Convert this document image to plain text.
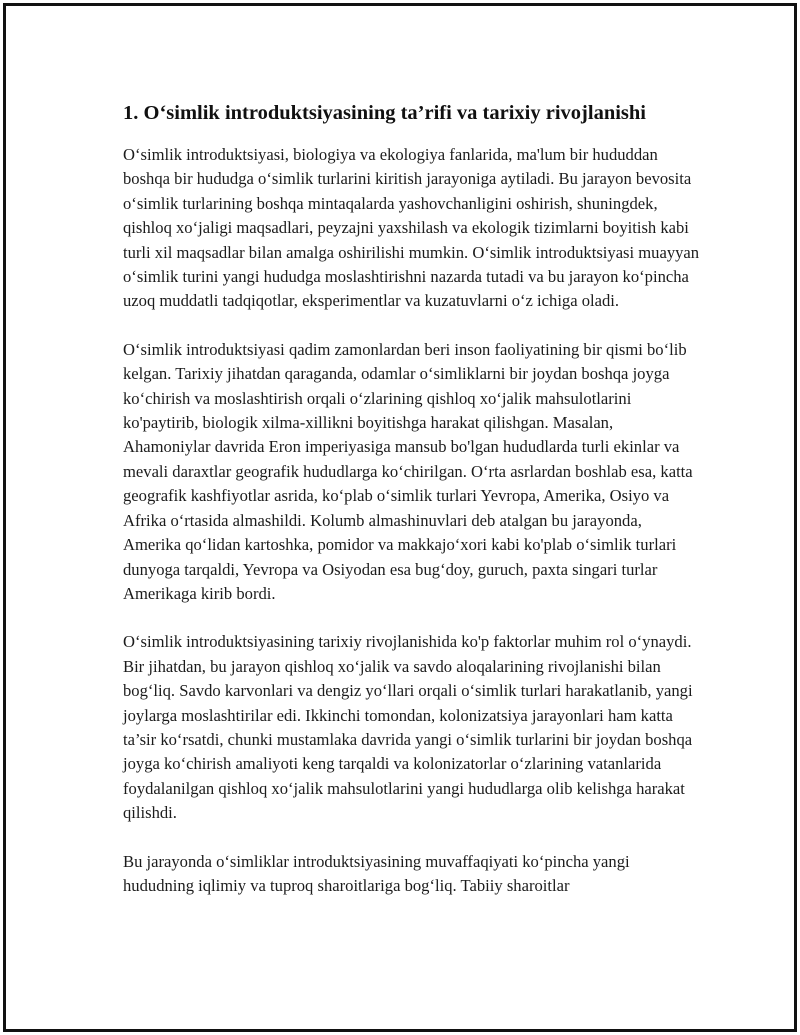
1. O‘simlik introduktsiyasining ta’rifi va tarixiy rivojlanishi

O‘simlik introduktsiyasi, biologiya va ekologiya fanlarida, ma'lum bir hududdan boshqa bir hududga o‘simlik turlarini kiritish jarayoniga aytiladi. Bu jarayon bevosita o‘simlik turlarining boshqa mintaqalarda yashovchanligini oshirish, shuningdek, qishloq xo‘jaligi maqsadlari, peyzajni yaxshilash va ekologik tizimlarni boyitish kabi turli xil maqsadlar bilan amalga oshirilishi mumkin. O‘simlik introduktsiyasi muayyan o‘simlik turini yangi hududga moslashtirishni nazarda tutadi va bu jarayon ko‘pincha uzoq muddatli tadqiqotlar, eksperimentlar va kuzatuvlarni o‘z ichiga oladi.

O‘simlik introduktsiyasi qadim zamonlardan beri inson faoliyatining bir qismi bo‘lib kelgan. Tarixiy jihatdan qaraganda, odamlar o‘simliklarni bir joydan boshqa joyga ko‘chirish va moslashtirish orqali o‘zlarining qishloq xo‘jalik mahsulotlarini ko'paytirib, biologik xilma-xillikni boyitishga harakat qilishgan. Masalan, Ahamoniylar davrida Eron imperiyasiga mansub bo'lgan hududlarda turli ekinlar va mevali daraxtlar geografik hududlarga ko‘chirilgan. O‘rta asrlardan boshlab esa, katta geografik kashfiyotlar asrida, ko‘plab o‘simlik turlari Yevropa, Amerika, Osiyo va Afrika o‘rtasida almashildi. Kolumb almashinuvlari deb atalgan bu jarayonda, Amerika qo‘lidan kartoshka, pomidor va makkajo‘xori kabi ko'plab o‘simlik turlari dunyoga tarqaldi, Yevropa va Osiyodan esa bug‘doy, guruch, paxta singari turlar Amerikaga kirib bordi.

O‘simlik introduktsiyasining tarixiy rivojlanishida ko'p faktorlar muhim rol o‘ynaydi. Bir jihatdan, bu jarayon qishloq xo‘jalik va savdo aloqalarining rivojlanishi bilan bog‘liq. Savdo karvonlari va dengiz yo‘llari orqali o‘simlik turlari harakatlanib, yangi joylarga moslashtirilar edi. Ikkinchi tomondan, kolonizatsiya jarayonlari ham katta ta’sir ko‘rsatdi, chunki mustamlaka davrida yangi o‘simlik turlarini bir joydan boshqa joyga ko‘chirish amaliyoti keng tarqaldi va kolonizatorlar o‘zlarining vatanlarida foydalanilgan qishloq xo‘jalik mahsulotlarini yangi hududlarga olib kelishga harakat qilishdi.

Bu jarayonda o‘simliklar introduktsiyasining muvaffaqiyati ko‘pincha yangi hududning iqlimiy va tuproq sharoitlariga bog‘liq. Tabiiy sharoitlar
